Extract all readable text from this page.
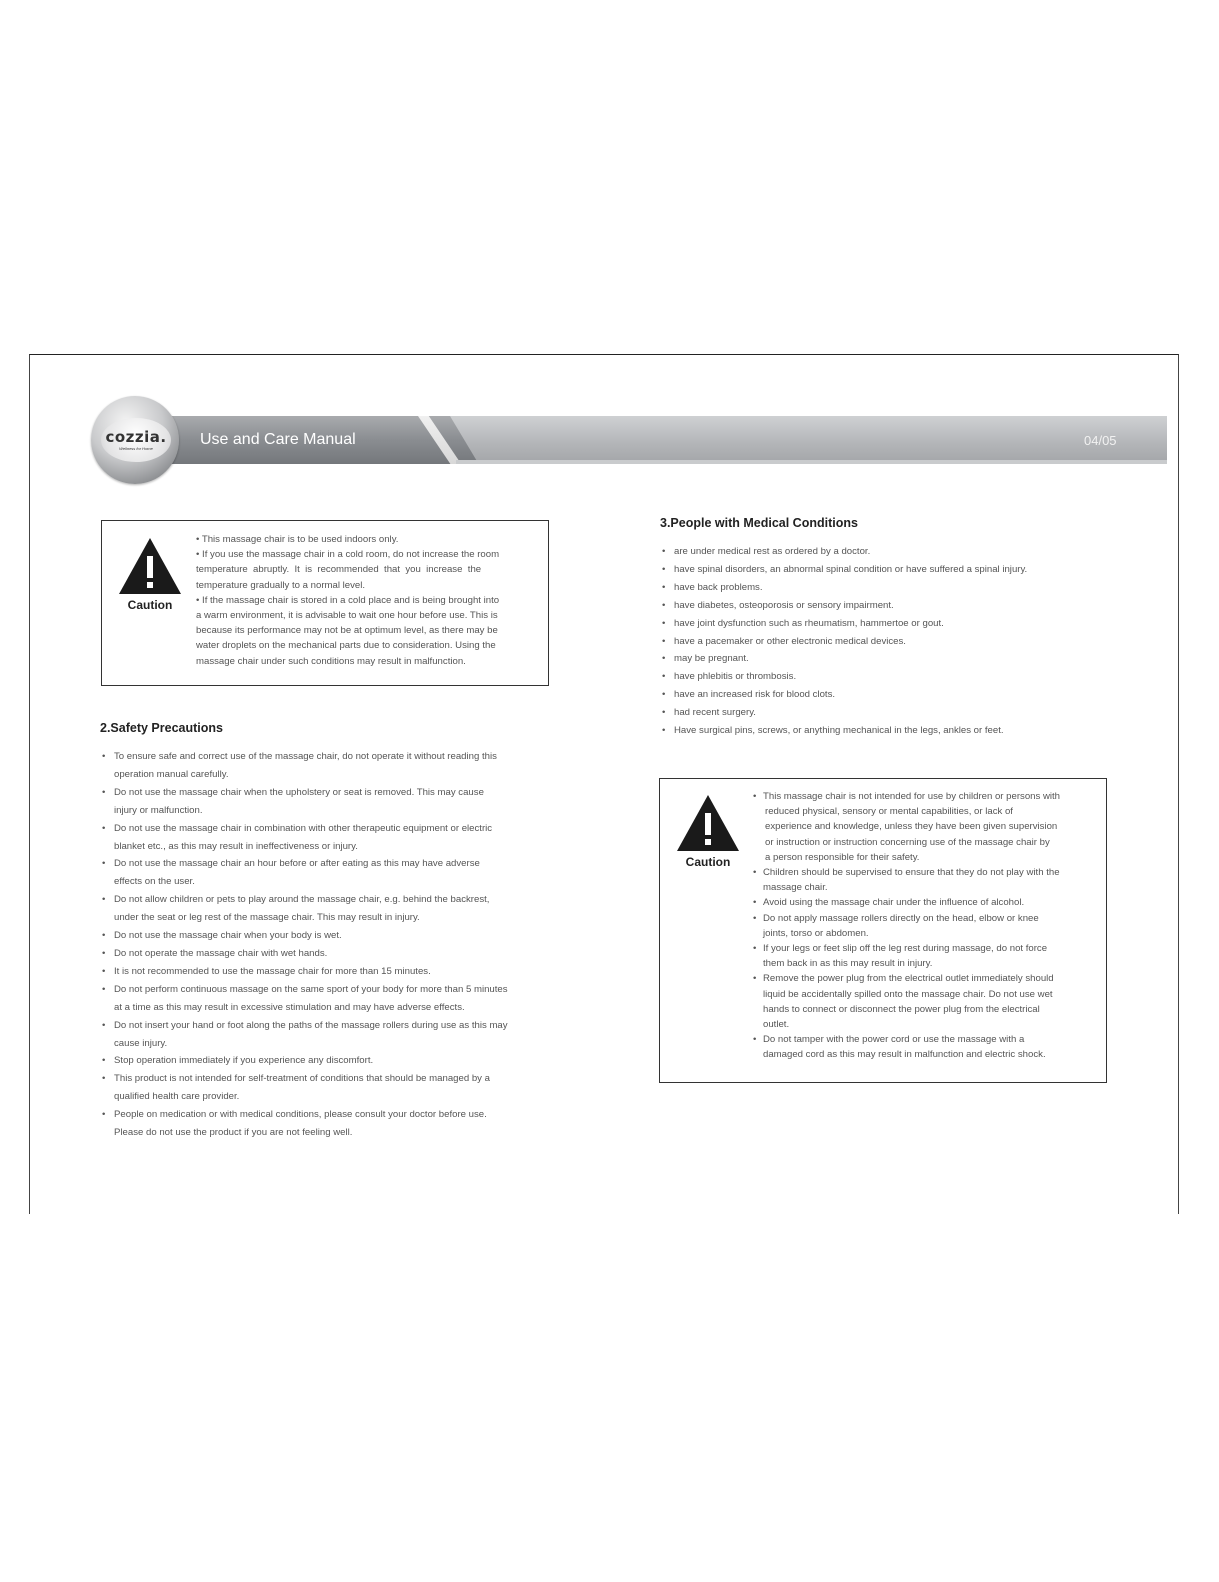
cozzia.
Wellness for Home
Use and Care Manual	04/05
Caution
• This massage chair is to be used indoors only.
• If you use the massage chair in a cold room, do not increase the room
temperature  abruptly.  It  is  recommended  that  you  increase  the
temperature gradually to a normal level.
• If the massage chair is stored in a cold place and is being brought into
a warm environment, it is advisable to wait one hour before use. This is
because its performance may not be at optimum level, as there may be
water droplets on the mechanical parts due to consideration. Using the
massage chair under such conditions may result in malfunction.
2.Safety Precautions
• To ensure safe and correct use of the massage chair, do not operate it without reading this
operation manual carefully.
• Do not use the massage chair when the upholstery or seat is removed. This may cause
injury or malfunction.
• Do not use the massage chair in combination with other therapeutic equipment or electric
blanket etc., as this may result in ineffectiveness or injury.
• Do not use the massage chair an hour before or after eating as this may have adverse
effects on the user.
• Do not allow children or pets to play around the massage chair, e.g. behind the backrest,
under the seat or leg rest of the massage chair. This may result in injury.
• Do not use the massage chair when your body is wet.
• Do not operate the massage chair with wet hands.
• It is not recommended to use the massage chair for more than 15 minutes.
• Do not perform continuous massage on the same sport of your body for more than 5 minutes
at a time as this may result in excessive stimulation and may have adverse effects.
• Do not insert your hand or foot along the paths of the massage rollers during use as this may
cause injury.
• Stop operation immediately if you experience any discomfort.
• This product is not intended for self-treatment of conditions that should be managed by a
qualified health care provider.
• People on medication or with medical conditions, please consult your doctor before use.
Please do not use the product if you are not feeling well.
3.People with Medical Conditions
• are under medical rest as ordered by a doctor.
• have spinal disorders, an abnormal spinal condition or have suffered a spinal injury.
• have back problems.
• have diabetes, osteoporosis or sensory impairment.
• have joint dysfunction such as rheumatism, hammertoe or gout.
• have a pacemaker or other electronic medical devices.
• may be pregnant.
• have phlebitis or thrombosis.
• have an increased risk for blood clots.
• had recent surgery.
• Have surgical pins, screws, or anything mechanical in the legs, ankles or feet.
Caution
• This massage chair is not intended for use by children or persons with
reduced physical, sensory or mental capabilities, or lack of
experience and knowledge, unless they have been given supervision
or instruction or instruction concerning use of the massage chair by
a person responsible for their safety.
• Children should be supervised to ensure that they do not play with the
massage chair.
• Avoid using the massage chair under the influence of alcohol.
• Do not apply massage rollers directly on the head, elbow or knee
joints, torso or abdomen.
• If your legs or feet slip off the leg rest during massage, do not force
them back in as this may result in injury.
• Remove the power plug from the electrical outlet immediately should
liquid be accidentally spilled onto the massage chair. Do not use wet
hands to connect or disconnect the power plug from the electrical
outlet.
• Do not tamper with the power cord or use the massage with a
damaged cord as this may result in malfunction and electric shock.
